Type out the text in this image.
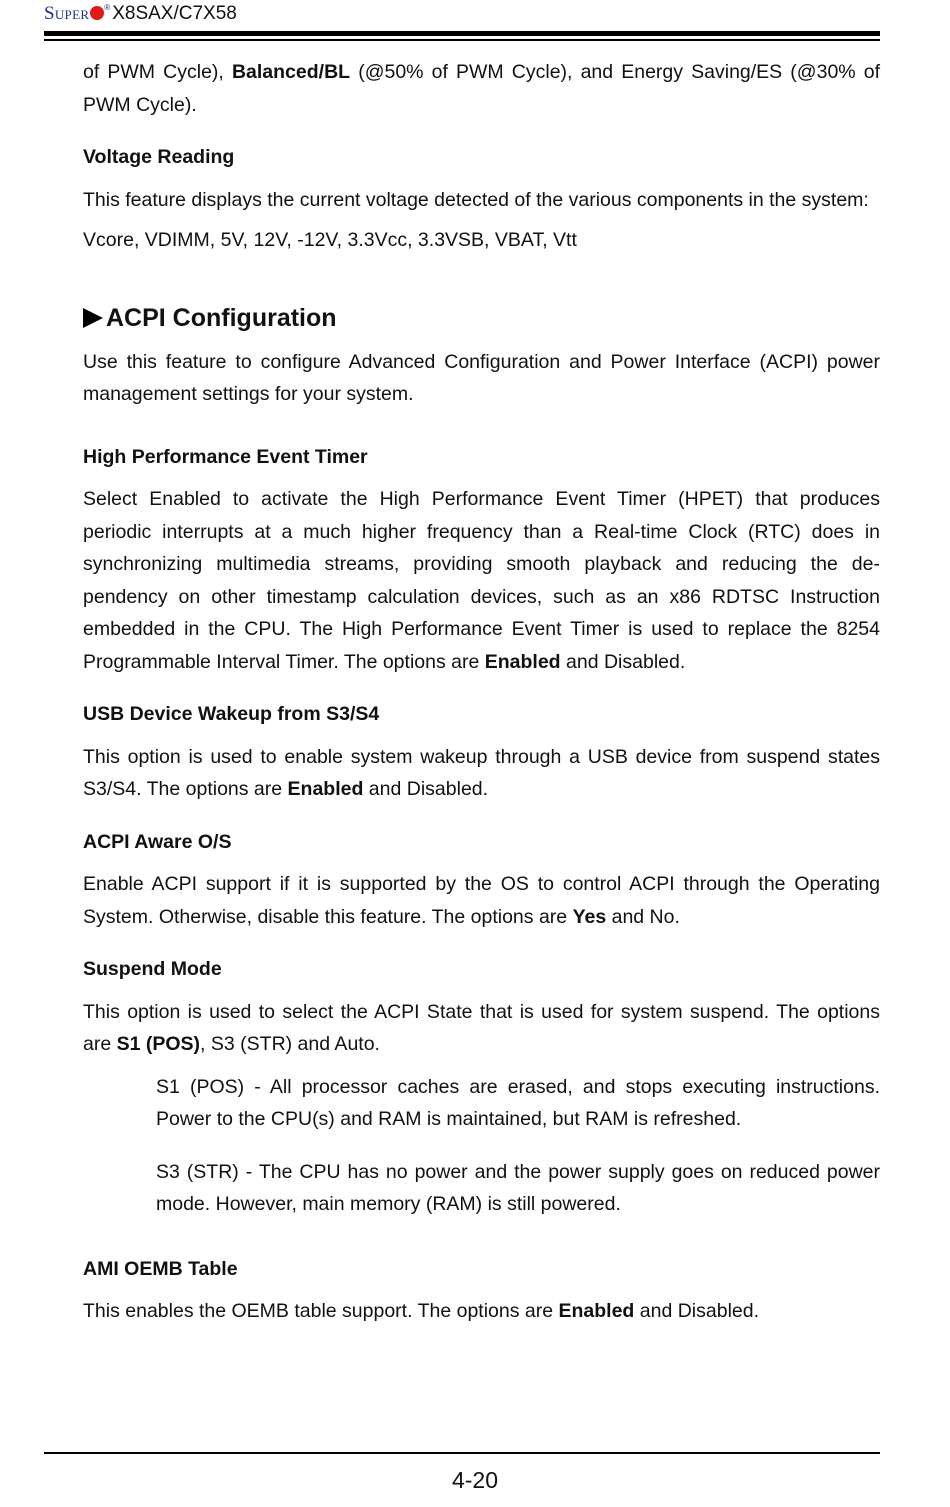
Super ® X8SAX/C7X58

of PWM Cycle), Balanced/BL (@50% of PWM Cycle), and Energy Saving/ES (@30% of PWM Cycle).

Voltage Reading

This feature displays the current voltage detected of the various components in the system:

Vcore, VDIMM, 5V, 12V, -12V, 3.3Vcc, 3.3VSB, VBAT, Vtt

ACPI Configuration

Use this feature to configure Advanced Configuration and Power Interface (ACPI) power management settings for your system.

High Performance Event Timer

Select Enabled to activate the High Performance Event Timer (HPET) that produces periodic interrupts at a much higher frequency than a Real-time Clock (RTC) does in synchronizing multimedia streams, providing smooth playback and reducing the dependency on other timestamp calculation devices, such as an x86 RDTSC Instruction embedded in the CPU. The High Performance Event Timer is used to replace the 8254 Programmable Interval Timer. The options are Enabled and Disabled.

USB Device Wakeup from S3/S4

This option is used to enable system wakeup through a USB device from suspend states S3/S4. The options are Enabled and Disabled.

ACPI Aware O/S

Enable ACPI support if it is supported by the OS to control ACPI through the Operating System. Otherwise, disable this feature. The options are Yes and No.

Suspend Mode

This option is used to select the ACPI State that is used for system suspend. The options are S1 (POS), S3 (STR) and Auto.

S1 (POS) - All processor caches are erased, and stops executing instructions. Power to the CPU(s) and RAM is maintained, but RAM is refreshed.

S3 (STR) - The CPU has no power and the power supply goes on reduced power mode. However, main memory (RAM) is still powered.

AMI OEMB Table

This enables the OEMB table support. The options are Enabled and Disabled.

4-20
